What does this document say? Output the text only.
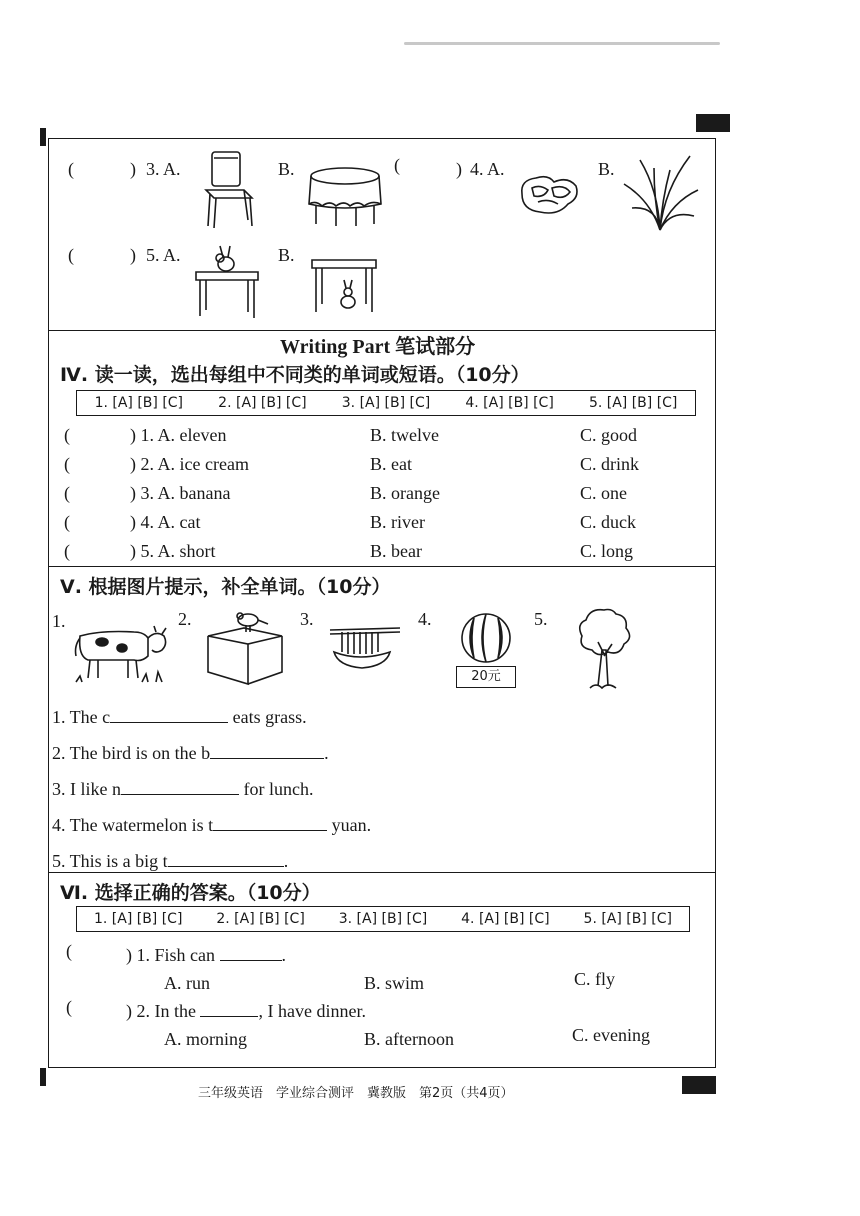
(	) 3. A.	B.	(	) 4. A.	B.
(	) 5. A.	B.
Writing Part 笔试部分
Ⅳ. 读一读，选出每组中不同类的单词或短语。（10分）
1. [A] [B] [C]	2. [A] [B] [C]	3. [A] [B] [C]	4. [A] [B] [C]	5. [A] [B] [C]
(	) 1. A. eleven	B. twelve	C. good
(	) 2. A. ice cream	B. eat	C. drink
(	) 3. A. banana	B. orange	C. one
(	) 4. A. cat	B. river	C. duck
(	) 5. A. short	B. bear	C. long
Ⅴ. 根据图片提示，补全单词。（10分）
1.	2.	3.	4.
20元
5.
1. The c	eats grass.
2. The bird is on the b	.
3. I like n	for lunch.
4. The watermelon is t	yuan.
5. This is a big t	.
Ⅵ. 选择正确的答案。（10分）
1. [A] [B] [C] 2. [A] [B] [C] 3. [A] [B] [C] 4. [A] [B] [C] 5. [A] [B] [C]
(	) 1. Fish can	.
A. run	B. swim	C. fly
(	) 2. In the	, I have dinner.
A. morning	B. afternoon	C. evening
三年级英语　学业综合测评　冀教版　第2页（共4页）
